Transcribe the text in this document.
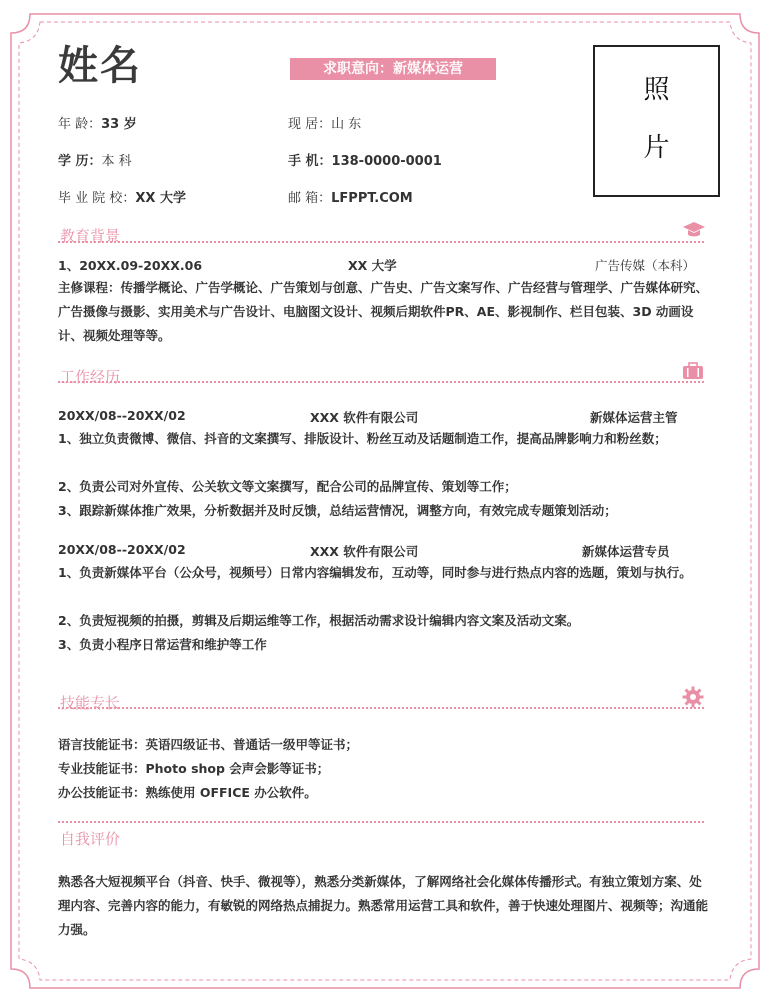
姓名	求职意向：新媒体运营
照
片
年 龄：33 岁	现 居：山 东
学 历：本 科	手 机：138-0000-0001
毕 业 院 校：XX 大学	邮 箱：LFPPT.COM
教育背景
1、20XX.09-20XX.06	XX 大学	广告传媒（本科）
主修课程：传播学概论、广告学概论、广告策划与创意、广告史、广告文案写作、广告经营与管理学、广告媒体研究、广告摄像与摄影、实用美术与广告设计、电脑图文设计、视频后期软件PR、AE、影视制作、栏目包装、3D 动画设计、视频处理等等。
工作经历
20XX/08--20XX/02	XXX 软件有限公司	新媒体运营主管
1、独立负责微博、微信、抖音的文案撰写、排版设计、粉丝互动及话题制造工作，提高品牌影响力和粉丝数；
2、负责公司对外宣传、公关软文等文案撰写，配合公司的品牌宣传、策划等工作；
3、跟踪新媒体推广效果，分析数据并及时反馈，总结运营情况，调整方向，有效完成专题策划活动；
20XX/08--20XX/02	XXX 软件有限公司	新媒体运营专员
1、负责新媒体平台（公众号，视频号）日常内容编辑发布，互动等，同时参与进行热点内容的选题，策划与执行。
2、负责短视频的拍摄，剪辑及后期运维等工作，根据活动需求设计编辑内容文案及活动文案。
3、负责小程序日常运营和维护等工作
技能专长
语言技能证书：英语四级证书、普通话一级甲等证书；
专业技能证书：Photo shop 会声会影等证书；
办公技能证书：熟练使用 OFFICE 办公软件。
自我评价
熟悉各大短视频平台（抖音、快手、微视等），熟悉分类新媒体，了解网络社会化媒体传播形式。有独立策划方案、处理内容、完善内容的能力，有敏锐的网络热点捕捉力。熟悉常用运营工具和软件，善于快速处理图片、视频等；沟通能力强。
